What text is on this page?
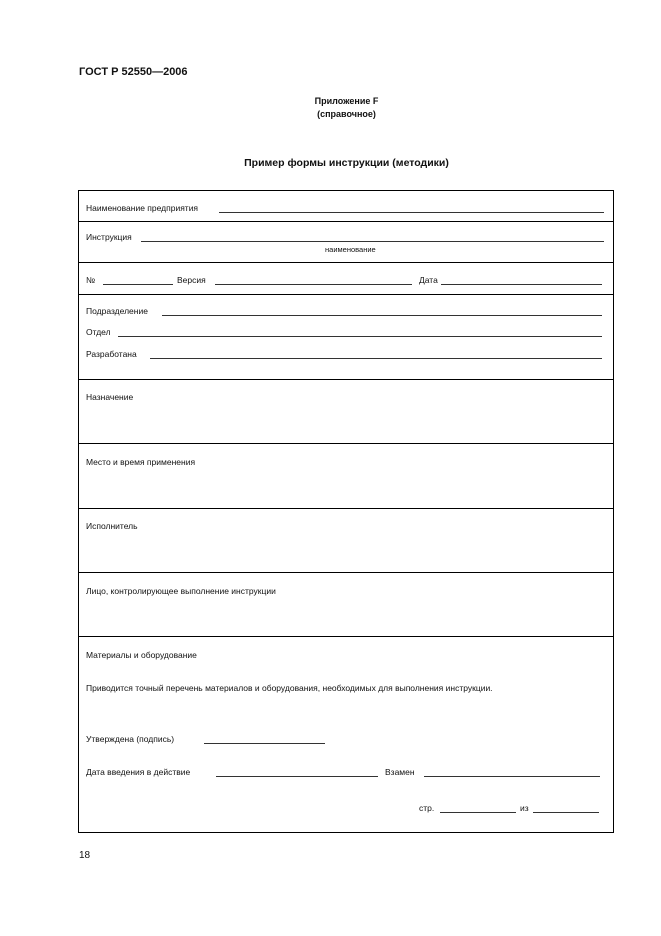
ГОСТ Р 52550—2006
Приложение F
(справочное)
Пример формы инструкции (методики)
Наименование предприятия
Инструкция
наименование
№	Версия	Дата
Подразделение
Отдел
Разработана
Назначение
Место и время применения
Исполнитель
Лицо, контролирующее выполнение инструкции
Материалы и оборудование
Приводится точный перечень материалов и оборудования, необходимых для выполнения инструкции.
Утверждена (подпись)
Дата введения в действие	Взамен
стр.	из
18
